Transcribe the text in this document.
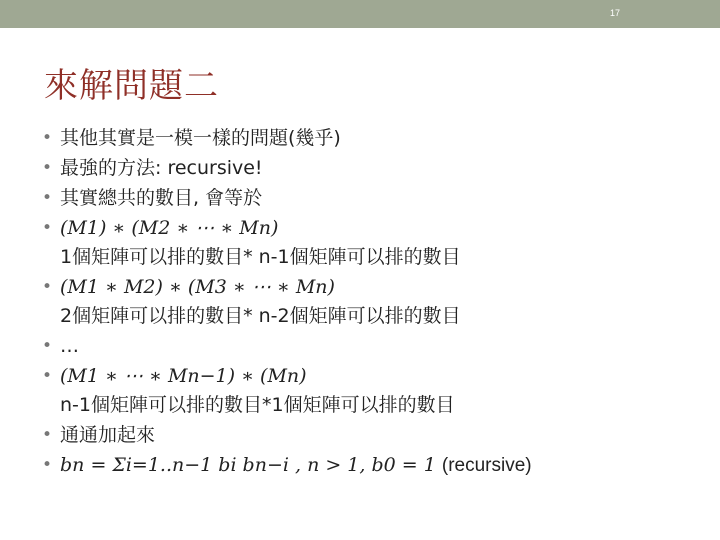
17
來解問題二
• 其他其實是一模一樣的問題(幾乎)
• 最強的方法: recursive!
• 其實總共的數目, 會等於
• (M1) ∗ (M2 ∗ ⋯ ∗ Mn)
1個矩陣可以排的數目* n-1個矩陣可以排的數目
• (M1 ∗ M2) ∗ (M3 ∗ ⋯ ∗ Mn)
2個矩陣可以排的數目* n-2個矩陣可以排的數目
• …
• (M1 ∗ ⋯ ∗ Mn−1) ∗ (Mn)
n-1個矩陣可以排的數目*1個矩陣可以排的數目
• 通通加起來
• bn = Σi=1..n−1 bi bn−i , n > 1, b0 = 1 (recursive)
